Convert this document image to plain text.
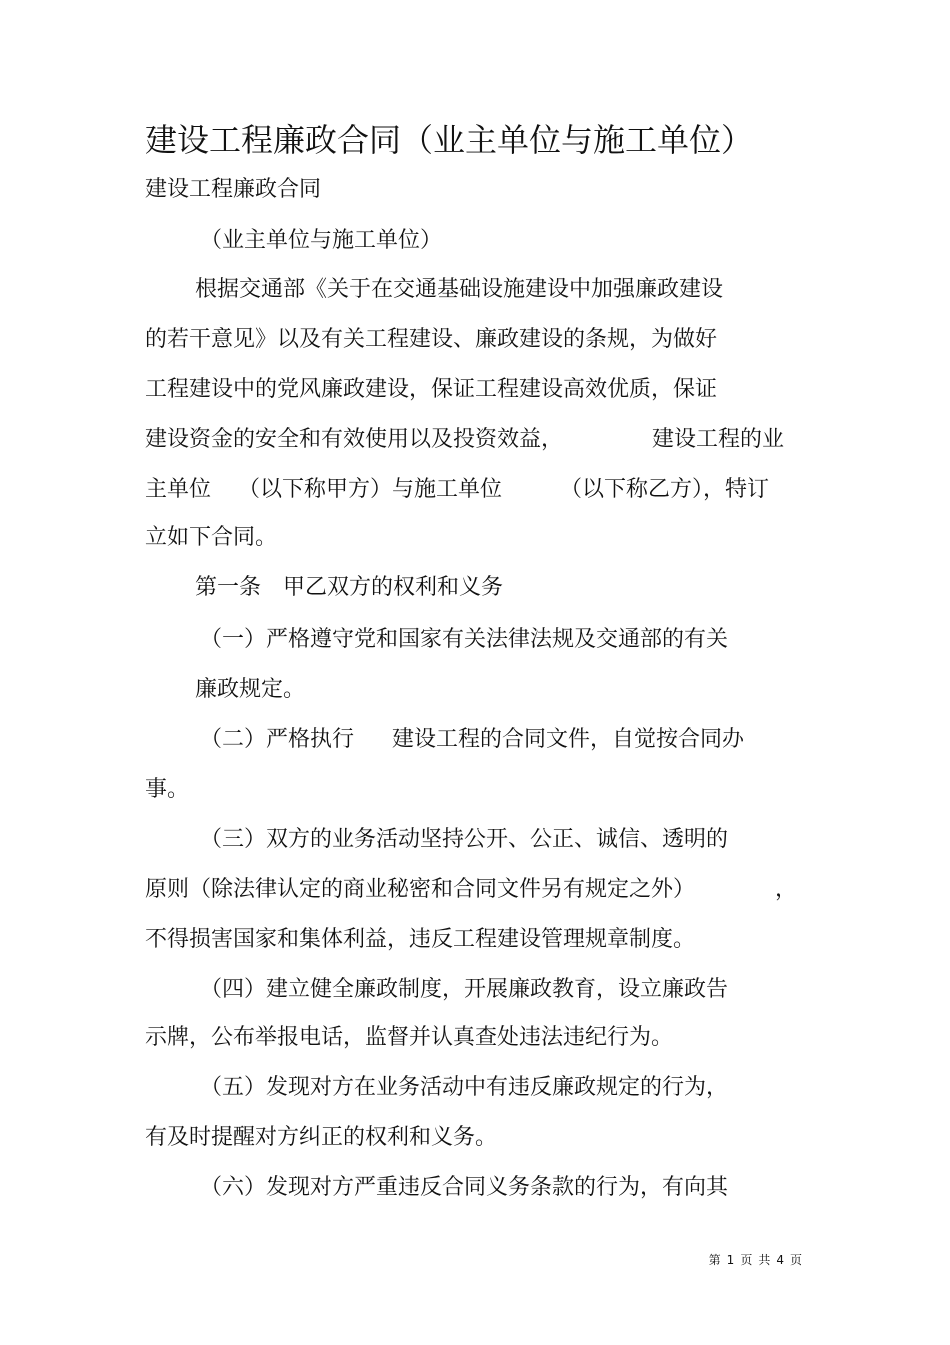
建设工程廉政合同（业主单位与施工单位）
建设工程廉政合同
（业主单位与施工单位）
根据交通部《关于在交通基础设施建设中加强廉政建设
的若干意见》以及有关工程建设、廉政建设的条规，为做好
工程建设中的党风廉政建设，保证工程建设高效优质，保证
建设资金的安全和有效使用以及投资效益，	建设工程的业
主单位 （以下称甲方）与施工单位	（以下称乙方），特订
立如下合同。
第一条　甲乙双方的权利和义务
（一）严格遵守党和国家有关法律法规及交通部的有关
廉政规定。
（二）严格执行 建设工程的合同文件，自觉按合同办
事。
（三）双方的业务活动坚持公开、公正、诚信、透明的
原则（除法律认定的商业秘密和合同文件另有规定之外）	，
不得损害国家和集体利益，违反工程建设管理规章制度。
（四）建立健全廉政制度，开展廉政教育，设立廉政告
示牌，公布举报电话，监督并认真查处违法违纪行为。
（五）发现对方在业务活动中有违反廉政规定的行为，
有及时提醒对方纠正的权利和义务。
（六）发现对方严重违反合同义务条款的行为，有向其
第 1 页 共 4 页
